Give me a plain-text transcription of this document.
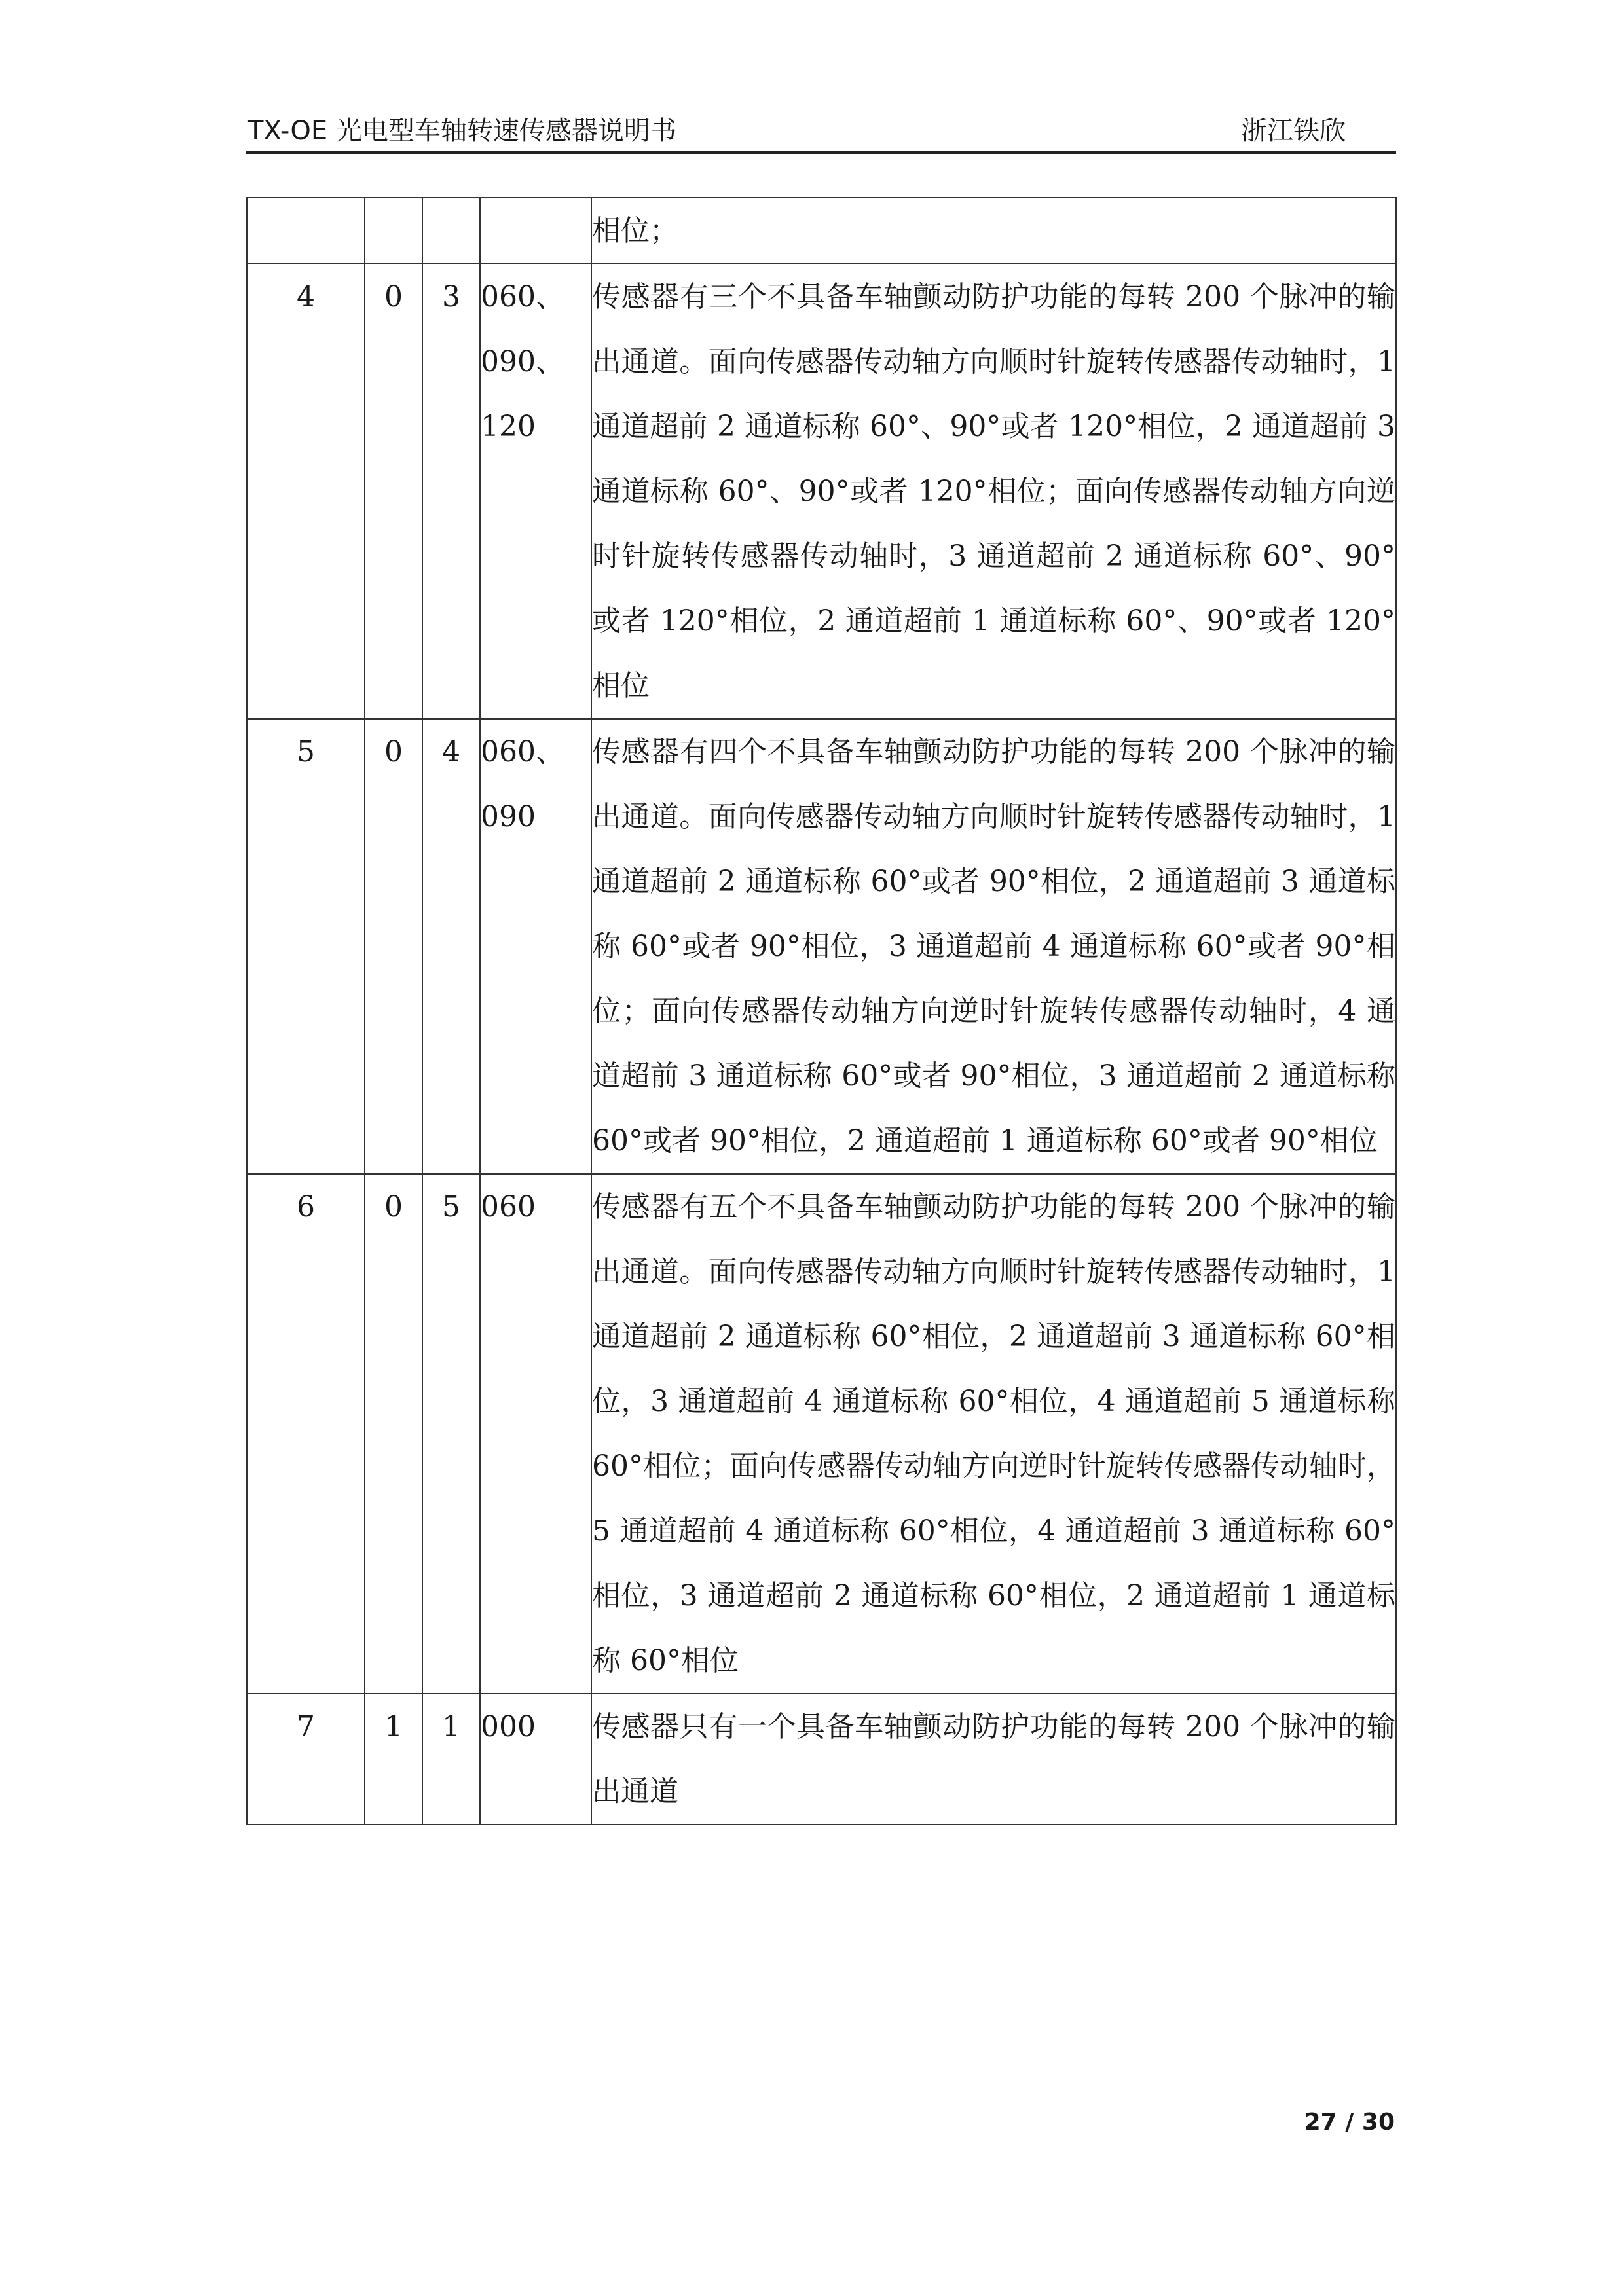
TX-OE 光电型车轴转速传感器说明书	浙江铁欣
				相位；
4	0	3	060、090、120	传感器有三个不具备车轴颤动防护功能的每转 200 个脉冲的输出通道。面向传感器传动轴方向顺时针旋转传感器传动轴时，1 通道超前 2 通道标称 60°、90°或者 120°相位，2 通道超前 3 通道标称 60°、90°或者 120°相位；面向传感器传动轴方向逆时针旋转传感器传动轴时，3 通道超前 2 通道标称 60°、90°或者 120°相位，2 通道超前 1 通道标称 60°、90°或者 120°相位
5	0	4	060、090	传感器有四个不具备车轴颤动防护功能的每转 200 个脉冲的输出通道。面向传感器传动轴方向顺时针旋转传感器传动轴时，1 通道超前 2 通道标称 60°或者 90°相位，2 通道超前 3 通道标称 60°或者 90°相位，3 通道超前 4 通道标称 60°或者 90°相位；面向传感器传动轴方向逆时针旋转传感器传动轴时，4 通道超前 3 通道标称 60°或者 90°相位，3 通道超前 2 通道标称 60°或者 90°相位，2 通道超前 1 通道标称 60°或者 90°相位
6	0	5	060	传感器有五个不具备车轴颤动防护功能的每转 200 个脉冲的输出通道。面向传感器传动轴方向顺时针旋转传感器传动轴时，1 通道超前 2 通道标称 60°相位，2 通道超前 3 通道标称 60°相位，3 通道超前 4 通道标称 60°相位，4 通道超前 5 通道标称 60°相位；面向传感器传动轴方向逆时针旋转传感器传动轴时，5 通道超前 4 通道标称 60°相位，4 通道超前 3 通道标称 60°相位，3 通道超前 2 通道标称 60°相位，2 通道超前 1 通道标称 60°相位
7	1	1	000	传感器只有一个具备车轴颤动防护功能的每转 200 个脉冲的输出通道
27 / 30
